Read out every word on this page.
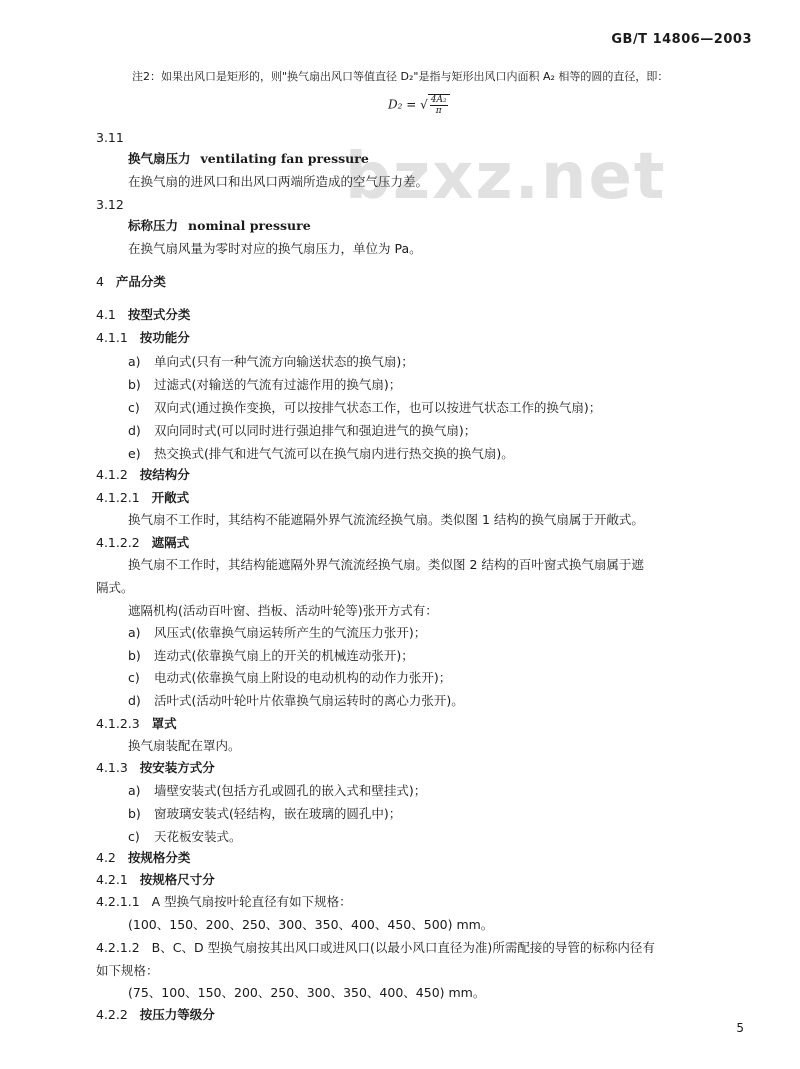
bzxz.net
GB/T 14806—2003
注2：如果出风口是矩形的，则"换气扇出风口等值直径 D₂"是指与矩形出风口内面积 A₂ 相等的圆的直径，即：
D₂ = √ $\frac{\text{4A₂}}{\pi}$
3.11
换气扇压力 ventilating fan pressure
在换气扇的进风口和出风口两端所造成的空气压力差。
3.12
标称压力 nominal pressure
在换气扇风量为零时对应的换气扇压力，单位为 Pa。
4 产品分类
4.1 按型式分类
4.1.1 按功能分
a) 单向式(只有一种气流方向输送状态的换气扇)；
b) 过滤式(对输送的气流有过滤作用的换气扇)；
c) 双向式(通过换作变换，可以按排气状态工作，也可以按进气状态工作的换气扇)；
d) 双向同时式(可以同时进行强迫排气和强迫进气的换气扇)；
e) 热交换式(排气和进气气流可以在换气扇内进行热交换的换气扇)。
4.1.2 按结构分
4.1.2.1 开敞式
换气扇不工作时，其结构不能遮隔外界气流流经换气扇。类似图 1 结构的换气扇属于开敞式。
4.1.2.2 遮隔式
换气扇不工作时，其结构能遮隔外界气流流经换气扇。类似图 2 结构的百叶窗式换气扇属于遮
隔式。
遮隔机构(活动百叶窗、挡板、活动叶轮等)张开方式有：
a) 风压式(依靠换气扇运转所产生的气流压力张开)；
b) 连动式(依靠换气扇上的开关的机械连动张开)；
c) 电动式(依靠换气扇上附设的电动机构的动作力张开)；
d) 活叶式(活动叶轮叶片依靠换气扇运转时的离心力张开)。
4.1.2.3 罩式
换气扇装配在罩内。
4.1.3 按安装方式分
a) 墙壁安装式(包括方孔或圆孔的嵌入式和壁挂式)；
b) 窗玻璃安装式(轻结构，嵌在玻璃的圆孔中)；
c) 天花板安装式。
4.2 按规格分类
4.2.1 按规格尺寸分
4.2.1.1 A 型换气扇按叶轮直径有如下规格：
(100、150、200、250、300、350、400、450、500) mm。
4.2.1.2 B、C、D 型换气扇按其出风口或进风口(以最小风口直径为准)所需配接的导管的标称内径有
如下规格：
(75、100、150、200、250、300、350、400、450) mm。
4.2.2 按压力等级分
5
